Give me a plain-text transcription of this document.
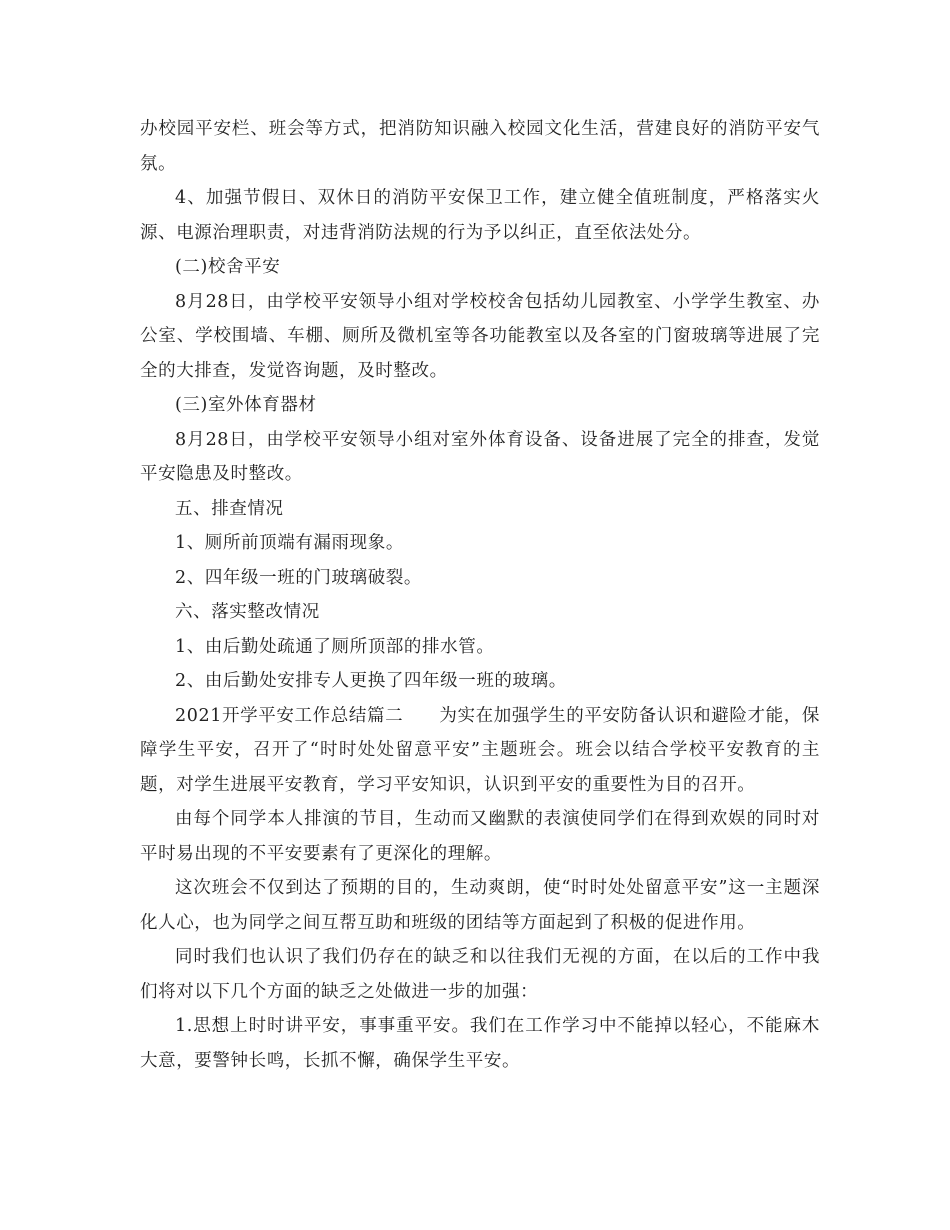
办校园平安栏、班会等方式，把消防知识融入校园文化生活，营建良好的消防平安气氛。

4、加强节假日、双休日的消防平安保卫工作，建立健全值班制度，严格落实火源、电源治理职责，对违背消防法规的行为予以纠正，直至依法处分。

(二)校舍平安

8月28日，由学校平安领导小组对学校校舍包括幼儿园教室、小学学生教室、办公室、学校围墙、车棚、厕所及微机室等各功能教室以及各室的门窗玻璃等进展了完全的大排查，发觉咨询题，及时整改。

(三)室外体育器材

8月28日，由学校平安领导小组对室外体育设备、设备进展了完全的排查，发觉平安隐患及时整改。

五、排查情况

1、厕所前顶端有漏雨现象。

2、四年级一班的门玻璃破裂。

六、落实整改情况

1、由后勤处疏通了厕所顶部的排水管。

2、由后勤处安排专人更换了四年级一班的玻璃。

2021开学平安工作总结篇二　　为实在加强学生的平安防备认识和避险才能，保障学生平安，召开了“时时处处留意平安”主题班会。班会以结合学校平安教育的主题，对学生进展平安教育，学习平安知识，认识到平安的重要性为目的召开。

由每个同学本人排演的节目，生动而又幽默的表演使同学们在得到欢娱的同时对平时易出现的不平安要素有了更深化的理解。

这次班会不仅到达了预期的目的，生动爽朗，使“时时处处留意平安”这一主题深化人心，也为同学之间互帮互助和班级的团结等方面起到了积极的促进作用。

同时我们也认识了我们仍存在的缺乏和以往我们无视的方面，在以后的工作中我们将对以下几个方面的缺乏之处做进一步的加强：

1.思想上时时讲平安，事事重平安。我们在工作学习中不能掉以轻心，不能麻木大意，要警钟长鸣，长抓不懈，确保学生平安。
